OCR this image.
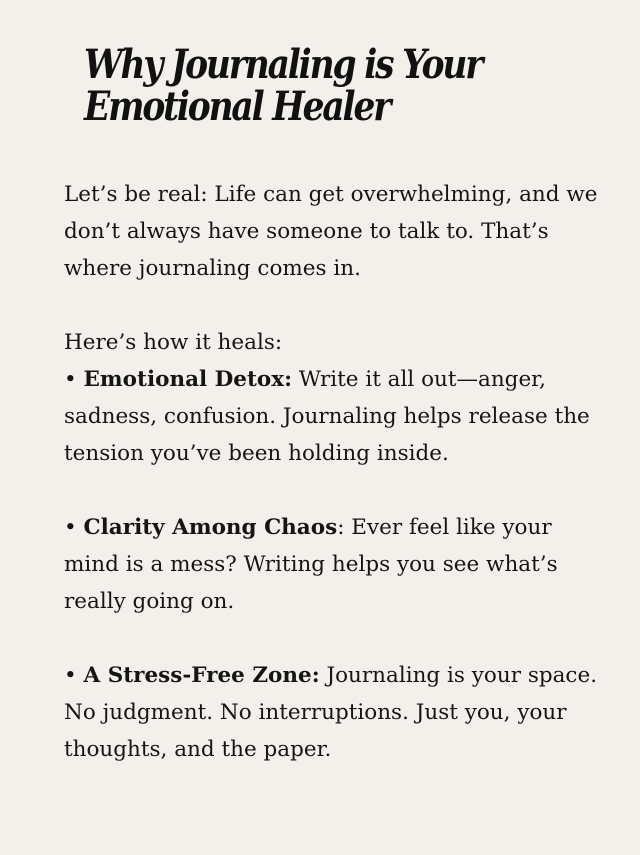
Why Journaling is Your
Emotional Healer

Let’s be real: Life can get overwhelming, and we don’t always have someone to talk to. That’s where journaling comes in.

Here’s how it heals:

• Emotional Detox: Write it all out—anger, sadness, confusion. Journaling helps release the tension you’ve been holding inside.

• Clarity Among Chaos: Ever feel like your mind is a mess? Writing helps you see what’s really going on.

• A Stress-Free Zone: Journaling is your space. No judgment. No interruptions. Just you, your thoughts, and the paper.
